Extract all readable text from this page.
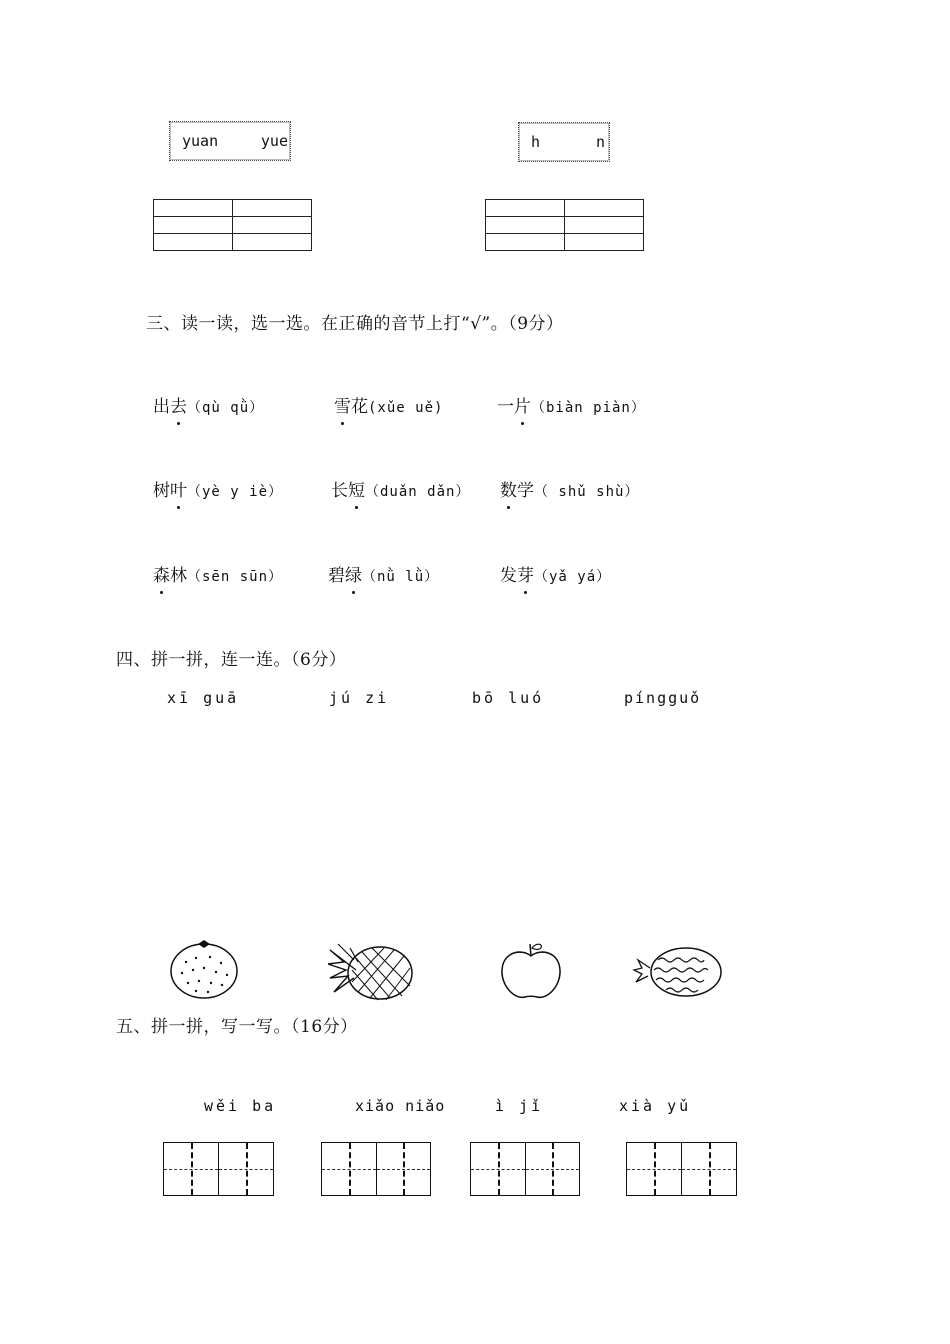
yuan	yue	h	n

三、读一读，选一选。在正确的音节上打“√”。（9分）
出去（qù qǜ）	雪花(xǔe uě)	一片（biàn piàn）
树叶（yè y iè）	长短（duǎn dǎn） 数学（ shǔ shù）
森林（sēn sūn）	碧绿（nǜ lǜ）	发芽（yǎ yá）
四、拼一拼，连一连。（6分）
xī guā	jú zi	bō luó	píngguǒ
五、拼一拼，写一写。（16分）
wěi ba	xiǎo niǎo	ì jǐ	xià yǔ
